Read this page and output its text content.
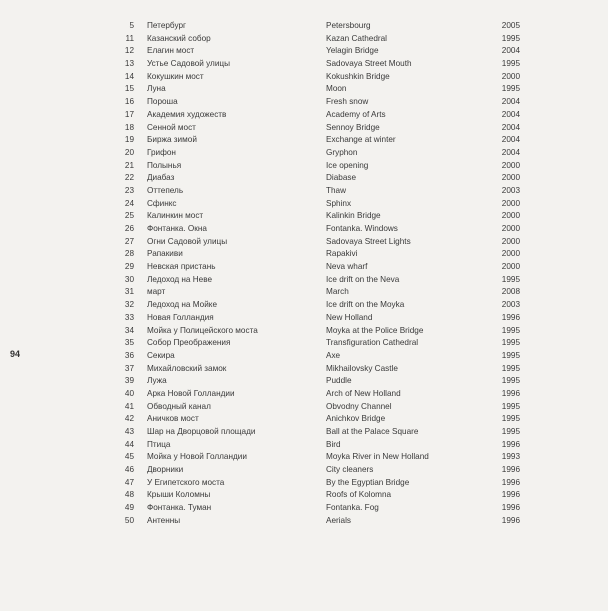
94
5 Петербург	Petersbourg	2005
11 Казанский собор	Kazan Cathedral	1995
12 Елагин мост	Yelagin Bridge	2004
13 Устье Садовой улицы	Sadovaya Street Mouth	1995
14 Кокушкин мост	Kokushkin Bridge	2000
15 Луна	Moon	1995
16 Пороша	Fresh snow	2004
17 Академия художеств	Academy of Arts	2004
18 Сенной мост	Sennoy Bridge	2004
19 Биржа зимой	Exchange at winter	2004
20 Грифон	Gryphon	2004
21 Полынья	Ice opening	2000
22 Диабаз	Diabase	2000
23 Оттепель	Thaw	2003
24 Сфинкс	Sphinx	2000
25 Калинкин мост	Kalinkin Bridge	2000
26 Фонтанка. Окна	Fontanka. Windows	2000
27 Огни Садовой улицы	Sadovaya Street Lights	2000
28 Рапакиви	Rapakivi	2000
29 Невская пристань	Neva wharf	2000
30 Ледоход на Неве	Ice drift on the Neva	1995
31 март	March	2008
32 Ледоход на Мойке	Ice drift on the Moyka	2003
33 Новая Голландия	New Holland	1996
34 Мойка у Полицейского моста	Moyka at the Police Bridge	1995
35 Собор Преображения	Transfiguration Cathedral	1995
36 Секира	Axe	1995
37 Михайловский замок	Mikhailovsky Castle	1995
39 Лужа	Puddle	1995
40 Арка Новой Голландии	Arch of New Holland	1996
41 Обводный канал	Obvodny Channel	1995
42 Аничков мост	Anichkov Bridge	1995
43 Шар на Дворцовой площади	Ball at the Palace Square	1995
44 Птица	Bird	1996
45 Мойка у Новой Голландии	Moyka River in New Holland	1993
46 Дворники	City cleaners	1996
47 У Египетского моста	By the Egyptian Bridge	1996
48 Крыши Коломны	Roofs of Kolomna	1996
49 Фонтанка. Туман	Fontanka. Fog	1996
50 Антенны	Aerials	1996
